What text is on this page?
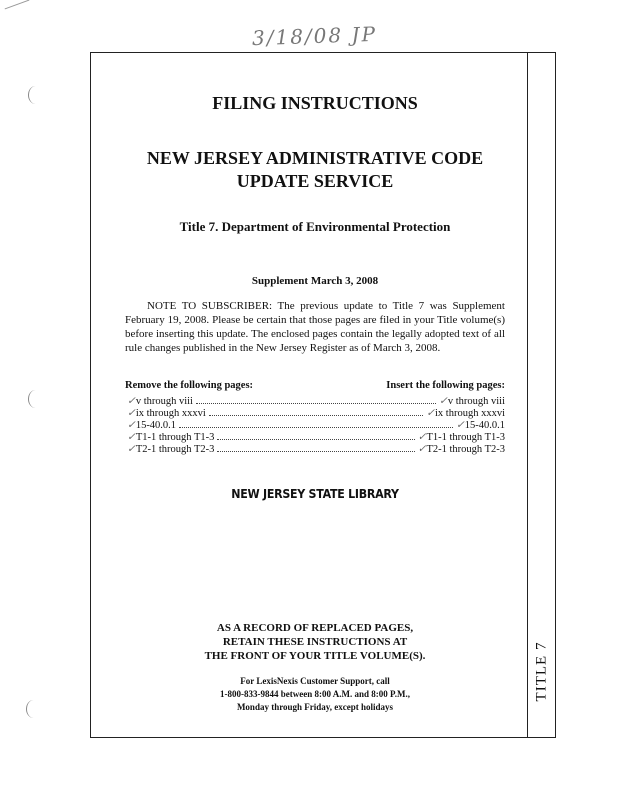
3/18/08 JP
TITLE 7
FILING INSTRUCTIONS
NEW JERSEY ADMINISTRATIVE CODE
UPDATE SERVICE
Title 7. Department of Environmental Protection
Supplement March 3, 2008
NOTE TO SUBSCRIBER: The previous update to Title 7 was Supplement February 19, 2008. Please be certain that those pages are filed in your Title volume(s) before inserting this update. The enclosed pages contain the legally adopted text of all rule changes published in the New Jersey Register as of March 3, 2008.
Remove the following pages:	Insert the following pages:
✓v through viii	✓v through viii
✓ix through xxxvi	✓ix through xxxvi
✓15-40.0.1	✓15-40.0.1
✓T1-1 through T1-3	✓T1-1 through T1-3
✓T2-1 through T2-3	✓T2-1 through T2-3
NEW JERSEY STATE LIBRARY
AS A RECORD OF REPLACED PAGES,
RETAIN THESE INSTRUCTIONS AT
THE FRONT OF YOUR TITLE VOLUME(S).
For LexisNexis Customer Support, call
1-800-833-9844 between 8:00 A.M. and 8:00 P.M.,
Monday through Friday, except holidays
